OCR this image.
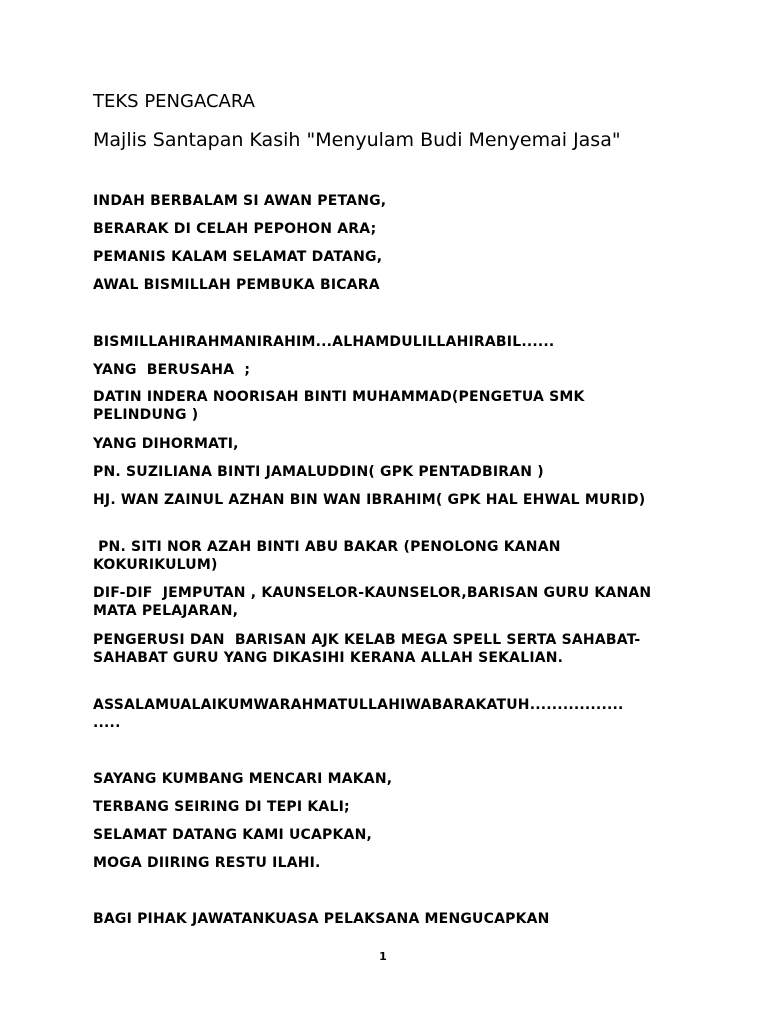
TEKS PENGACARA
Majlis Santapan Kasih "Menyulam Budi Menyemai Jasa"

INDAH BERBALAM SI AWAN PETANG,

BERARAK DI CELAH PEPOHON ARA;

PEMANIS KALAM SELAMAT DATANG,

AWAL BISMILLAH PEMBUKA BICARA

BISMILLAHIRAHMANIRAHIM...ALHAMDULILLAHIRABIL......

YANG  BERUSAHA  ;

DATIN INDERA NOORISAH BINTI MUHAMMAD(PENGETUA SMK PELINDUNG )

YANG DIHORMATI,

PN. SUZILIANA BINTI JAMALUDDIN( GPK PENTADBIRAN )

HJ. WAN ZAINUL AZHAN BIN WAN IBRAHIM( GPK HAL EHWAL MURID)

PN. SITI NOR AZAH BINTI ABU BAKAR (PENOLONG KANAN KOKURIKULUM)

DIF-DIF  JEMPUTAN , KAUNSELOR-KAUNSELOR,BARISAN GURU KANAN MATA PELAJARAN,

PENGERUSI DAN  BARISAN AJK KELAB MEGA SPELL SERTA SAHABAT-SAHABAT GURU YANG DIKASIHI KERANA ALLAH SEKALIAN.

ASSALAMUALAIKUMWARAHMATULLAHIWABARAKATUH.................

.....

SAYANG KUMBANG MENCARI MAKAN,

TERBANG SEIRING DI TEPI KALI;

SELAMAT DATANG KAMI UCAPKAN,

MOGA DIIRING RESTU ILAHI.

BAGI PIHAK JAWATANKUASA PELAKSANA MENGUCAPKAN

1
